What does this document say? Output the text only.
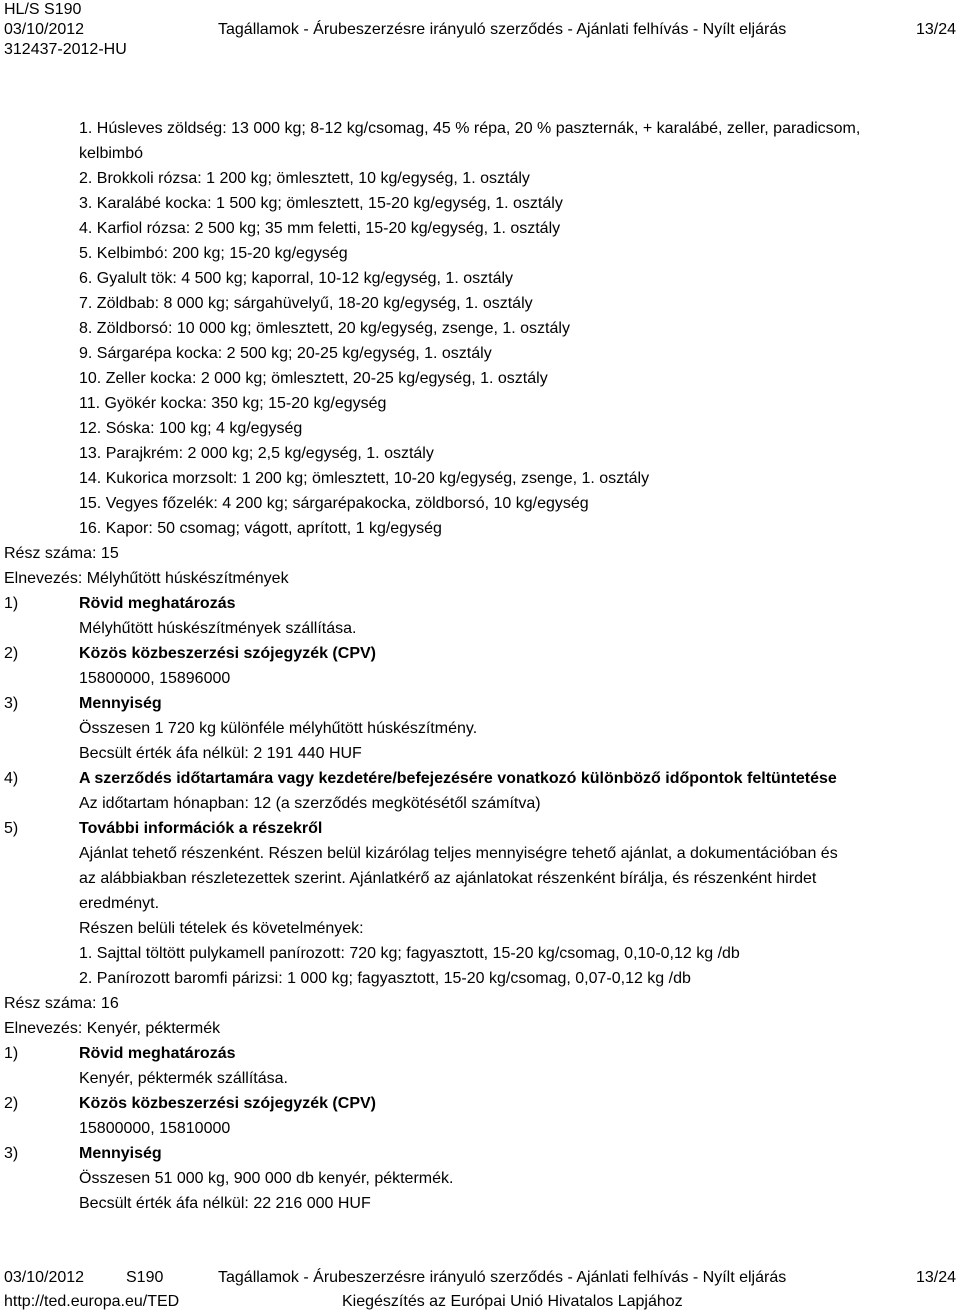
HL/S S190
03/10/2012	Tagállamok - Árubeszerzésre irányuló szerződés - Ajánlati felhívás - Nyílt eljárás	13/24
312437-2012-HU
1. Húsleves zöldség: 13 000 kg; 8-12 kg/csomag, 45 % répa, 20 % paszternák, + karalábé, zeller, paradicsom,
kelbimbó
2. Brokkoli rózsa: 1 200 kg; ömlesztett, 10 kg/egység, 1. osztály
3. Karalábé kocka: 1 500 kg; ömlesztett, 15-20 kg/egység, 1. osztály
4. Karfiol rózsa: 2 500 kg; 35 mm feletti, 15-20 kg/egység, 1. osztály
5. Kelbimbó: 200 kg; 15-20 kg/egység
6. Gyalult tök: 4 500 kg; kaporral, 10-12 kg/egység, 1. osztály
7. Zöldbab: 8 000 kg; sárgahüvelyű, 18-20 kg/egység, 1. osztály
8. Zöldborsó: 10 000 kg; ömlesztett, 20 kg/egység, zsenge, 1. osztály
9. Sárgarépa kocka: 2 500 kg; 20-25 kg/egység, 1. osztály
10. Zeller kocka: 2 000 kg; ömlesztett, 20-25 kg/egység, 1. osztály
11. Gyökér kocka: 350 kg; 15-20 kg/egység
12. Sóska: 100 kg; 4 kg/egység
13. Parajkrém: 2 000 kg; 2,5 kg/egység, 1. osztály
14. Kukorica morzsolt: 1 200 kg; ömlesztett, 10-20 kg/egység, zsenge, 1. osztály
15. Vegyes főzelék: 4 200 kg; sárgarépakocka, zöldborsó, 10 kg/egység
16. Kapor: 50 csomag; vágott, aprított, 1 kg/egység
Rész száma: 15
Elnevezés: Mélyhűtött húskészítmények
1)	Rövid meghatározás
Mélyhűtött húskészítmények szállítása.
2)	Közös közbeszerzési szójegyzék (CPV)
15800000, 15896000
3)	Mennyiség
Összesen 1 720 kg különféle mélyhűtött húskészítmény.
Becsült érték áfa nélkül: 2 191 440 HUF
4)	A szerződés időtartamára vagy kezdetére/befejezésére vonatkozó különböző időpontok feltüntetése
Az időtartam hónapban: 12 (a szerződés megkötésétől számítva)
5)	További információk a részekről
Ajánlat tehető részenként. Részen belül kizárólag teljes mennyiségre tehető ajánlat, a dokumentációban és
az alábbiakban részletezettek szerint. Ajánlatkérő az ajánlatokat részenként bírálja, és részenként hirdet
eredményt.
Részen belüli tételek és követelmények:
1. Sajttal töltött pulykamell panírozott: 720 kg; fagyasztott, 15-20 kg/csomag, 0,10-0,12 kg /db
2. Panírozott baromfi párizsi: 1 000 kg; fagyasztott, 15-20 kg/csomag, 0,07-0,12 kg /db
Rész száma: 16
Elnevezés: Kenyér, péktermék
1)	Rövid meghatározás
Kenyér, péktermék szállítása.
2)	Közös közbeszerzési szójegyzék (CPV)
15800000, 15810000
3)	Mennyiség
Összesen 51 000 kg, 900 000 db kenyér, péktermék.
Becsült érték áfa nélkül: 22 216 000 HUF
03/10/2012	S190	Tagállamok - Árubeszerzésre irányuló szerződés - Ajánlati felhívás - Nyílt eljárás	13/24
http://ted.europa.eu/TED	Kiegészítés az Európai Unió Hivatalos Lapjához
